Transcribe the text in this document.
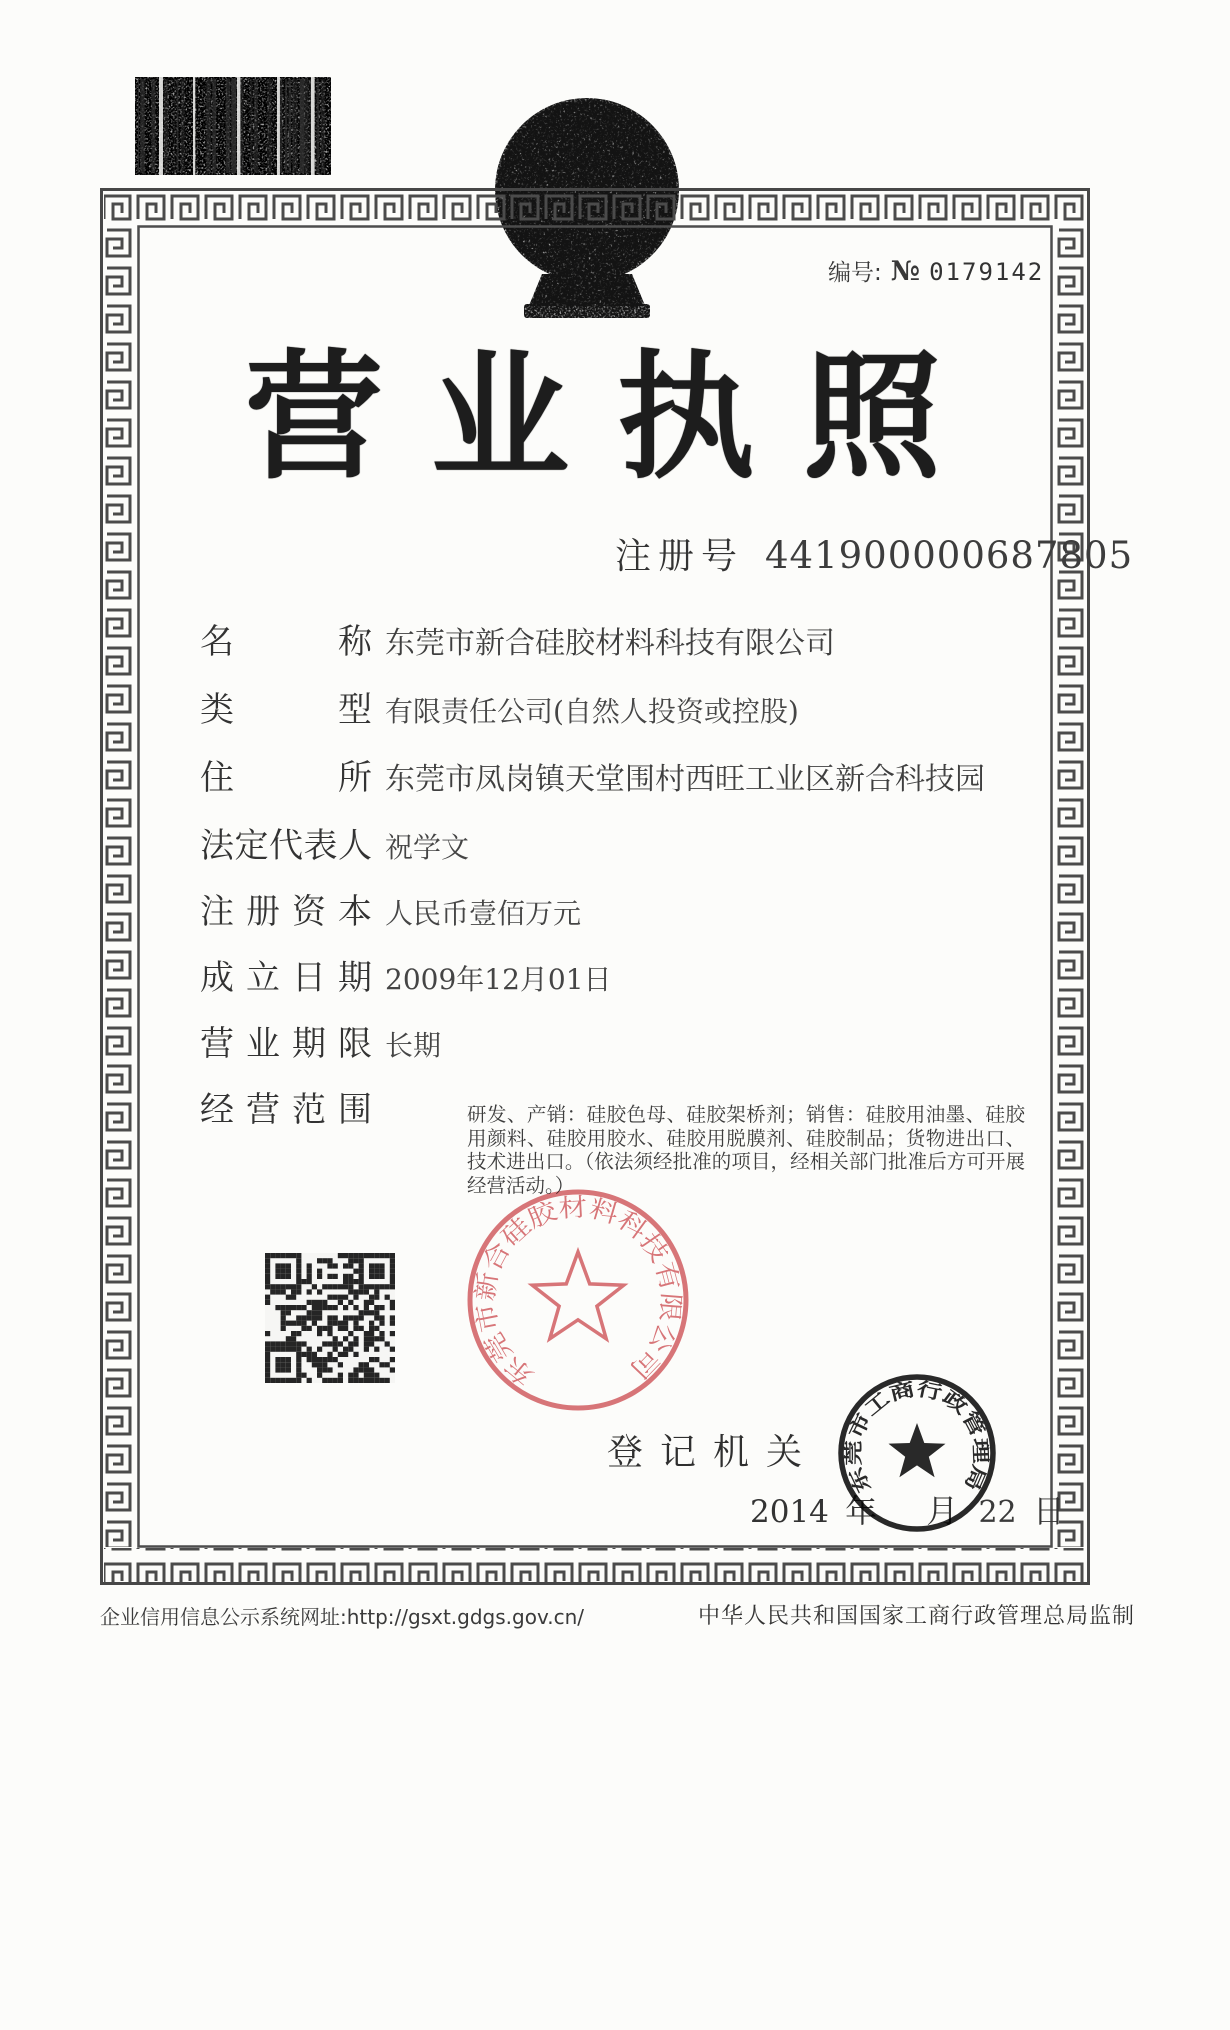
编号: № 0179142
营业执照
注 册 号 441900000687805
名	称 东莞市新合硅胶材料科技有限公司
类	型 有限责任公司(自然人投资或控股)
住	所 东莞市凤岗镇天堂围村西旺工业区新合科技园
法 定 代 表 人 祝学文
注 册 资 本 人民币壹佰万元
成 立 日 期 2009年12月01日
营 业 期 限 长期
经 营 范 围	研发、产销：硅胶色母、硅胶架桥剂；销售：硅胶用油墨、硅胶用颜料、硅胶用胶水、硅胶用脱膜剂、硅胶制品；货物进出口、技术进出口。（依法须经批准的项目，经相关部门批准后方可开展经营活动。）
东莞市新合硅胶材料科技有限公司
登 记 机 关
2014 年 月 22 日
东莞市工商行政管理局
企业信用信息公示系统网址:http://gsxt.gdgs.gov.cn/	中华人民共和国国家工商行政管理总局监制
